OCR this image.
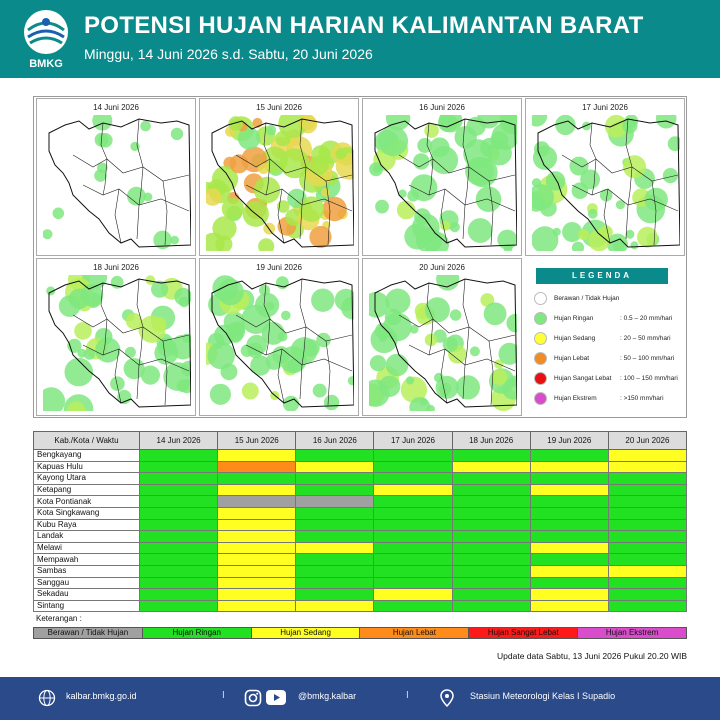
BMKG
POTENSI HUJAN HARIAN KALIMANTAN BARAT
Minggu, 14 Juni 2026 s.d. Sabtu, 20 Juni 2026
14 Juni 2026	15 Juni 2026	16 Juni 2026	17 Juni 2026
18 Juni 2026	19 Juni 2026	20 Juni 2026
LEGENDA
Berawan / Tidak Hujan
Hujan Ringan	: 0.5 – 20 mm/hari
Hujan Sedang	: 20 – 50 mm/hari
Hujan Lebat	: 50 – 100 mm/hari
Hujan Sangat Lebat : 100 – 150 mm/hari
Hujan Ekstrem	: >150 mm/hari
Kab./Kota / Waktu	14 Jun 2026	15 Jun 2026	16 Jun 2026	17 Jun 2026	18 Jun 2026	19 Jun 2026	20 Jun 2026
Bengkayang							
Kapuas Hulu							
Kayong Utara							
Ketapang							
Kota Pontianak							
Kota Singkawang							
Kubu Raya							
Landak							
Melawi							
Mempawah							
Sambas							
Sanggau							
Sekadau							
Sintang							
Keterangan :
Berawan / Tidak Hujan	Hujan Ringan	Hujan Sedang	Hujan Lebat	Hujan Sangat Lebat	Hujan Ekstrem
Update data Sabtu, 13 Juni 2026 Pukul 20.20 WIB
kalbar.bmkg.go.id	I	@bmkg.kalbar	I	Stasiun Meteorologi Kelas I Supadio
